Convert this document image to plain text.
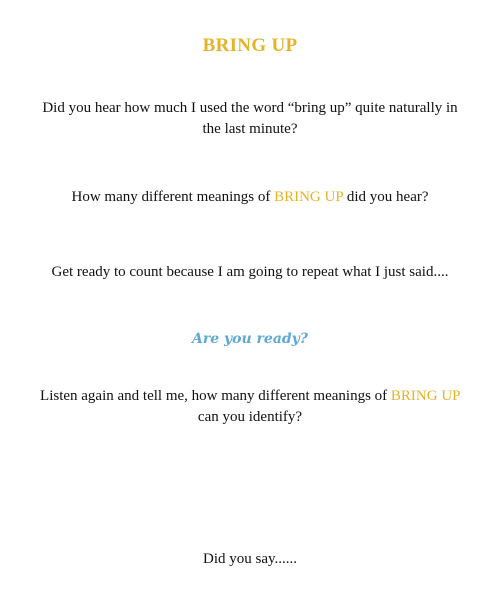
BRING UP
Did you hear how much I used the word “bring up” quite naturally in the last minute?
How many different meanings of BRING UP did you hear?
Get ready to count because I am going to repeat what I just said....
Are you ready?
Listen again and tell me, how many different meanings of BRING UP can you identify?
Did you say......
